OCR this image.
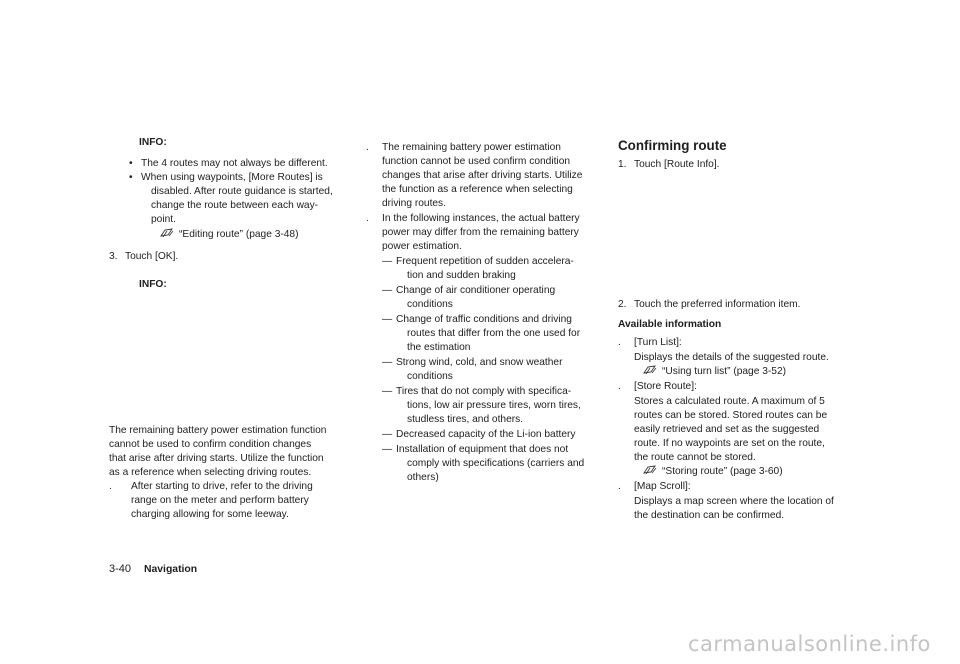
INFO:
• The 4 routes may not always be different.
• When using waypoints, [More Routes] is
disabled. After route guidance is started,
change the route between each way-
point.
“Editing route” (page 3-48)
3. Touch [OK].
INFO:
The remaining battery power estimation function
cannot be used to confirm condition changes
that arise after driving starts. Utilize the function
as a reference when selecting driving routes.
. After starting to drive, refer to the driving
range on the meter and perform battery
charging allowing for some leeway.
. The remaining battery power estimation
function cannot be used confirm condition
changes that arise after driving starts. Utilize
the function as a reference when selecting
driving routes.
. In the following instances, the actual battery
power may differ from the remaining battery
power estimation.
— Frequent repetition of sudden accelera-
tion and sudden braking
— Change of air conditioner operating
conditions
— Change of traffic conditions and driving
routes that differ from the one used for
the estimation
— Strong wind, cold, and snow weather
conditions
— Tires that do not comply with specifica-
tions, low air pressure tires, worn tires,
studless tires, and others.
— Decreased capacity of the Li-ion battery
— Installation of equipment that does not
comply with specifications (carriers and
others)
Confirming route
1. Touch [Route Info].
2. Touch the preferred information item.
Available information
. [Turn List]:
Displays the details of the suggested route.
“Using turn list” (page 3-52)
. [Store Route]:
Stores a calculated route. A maximum of 5
routes can be stored. Stored routes can be
easily retrieved and set as the suggested
route. If no waypoints are set on the route,
the route cannot be stored.
“Storing route” (page 3-60)
. [Map Scroll]:
Displays a map screen where the location of
the destination can be confirmed.
3-40 Navigation
carmanualsonline.info
